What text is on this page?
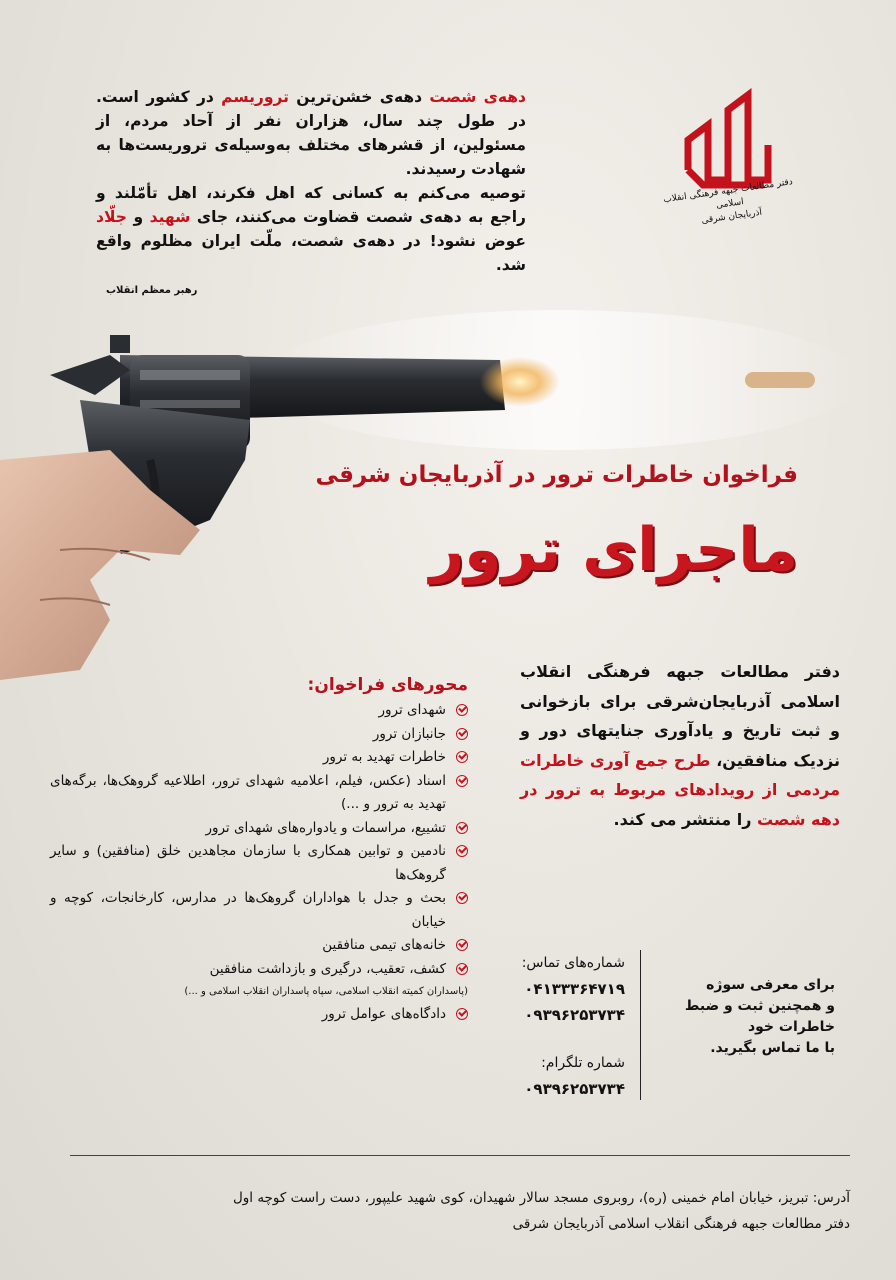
دهه‌ی شصت دهه‌ی خشن‌ترین تروریسم در کشور است. در طول چند سال، هزاران نفر از آحاد مردم، از مسئولین، از قشرهای مختلف به‌وسیله‌ی تروریست‌ها به شهادت رسیدند.
توصیه می‌کنم به کسانی که اهل فکرند، اهل تأمّلند و راجع به دهه‌ی شصت قضاوت می‌کنند، جای شهید و جلّاد عوض نشود! در دهه‌ی شصت، ملّت ایران مظلوم واقع شد.
رهبر معظم انقلاب
دفتر مطالعات جبهه فرهنگی انقلاب اسلامی
آذربایجان شرقی
فراخوان خاطرات ترور در آذربایجان شرقی
ماجرای ترور
دفتر مطالعات جبهه فرهنگی انقلاب اسلامی آذربایجان‌شرقی برای بازخوانی و ثبت تاریخ و یادآوری جنایتهای دور و نزدیک منافقین، طرح جمع آوری خاطرات مردمی از رویدادهای مربوط به ترور در دهه شصت را منتشر می کند.
محورهای فراخوان:
شهدای ترور
جانبازان ترور
خاطرات تهدید به ترور
اسناد (عکس، فیلم، اعلامیه شهدای ترور، اطلاعیه گروهک‌ها، برگه‌های تهدید به ترور و ...)
تشییع، مراسمات و یادواره‌های شهدای ترور
نادمین و توابین همکاری با سازمان مجاهدین خلق (منافقین) و سایر گروهک‌ها
بحث و جدل با هواداران گروهک‌ها در مدارس، کارخانجات، کوچه و خیابان
خانه‌های تیمی منافقین
کشف، تعقیب، درگیری و بازداشت منافقین
(پاسداران کمیته انقلاب اسلامی، سپاه پاسداران انقلاب اسلامی و ...)
دادگاه‌های عوامل ترور
شماره‌های تماس:
۰۴۱۳۳۳۶۴۷۱۹
۰۹۳۹۶۲۵۳۷۳۴
شماره تلگرام:
۰۹۳۹۶۲۵۳۷۳۴
برای معرفی سوژه
و همچنین ثبت و ضبط
خاطرات خود
با ما تماس بگیرید.
آدرس: تبریز، خیابان امام خمینی (ره)، روبروی مسجد سالار شهیدان، کوی شهید علیپور، دست راست کوچه اول
دفتر مطالعات جبهه فرهنگی انقلاب اسلامی آذربایجان شرقی
